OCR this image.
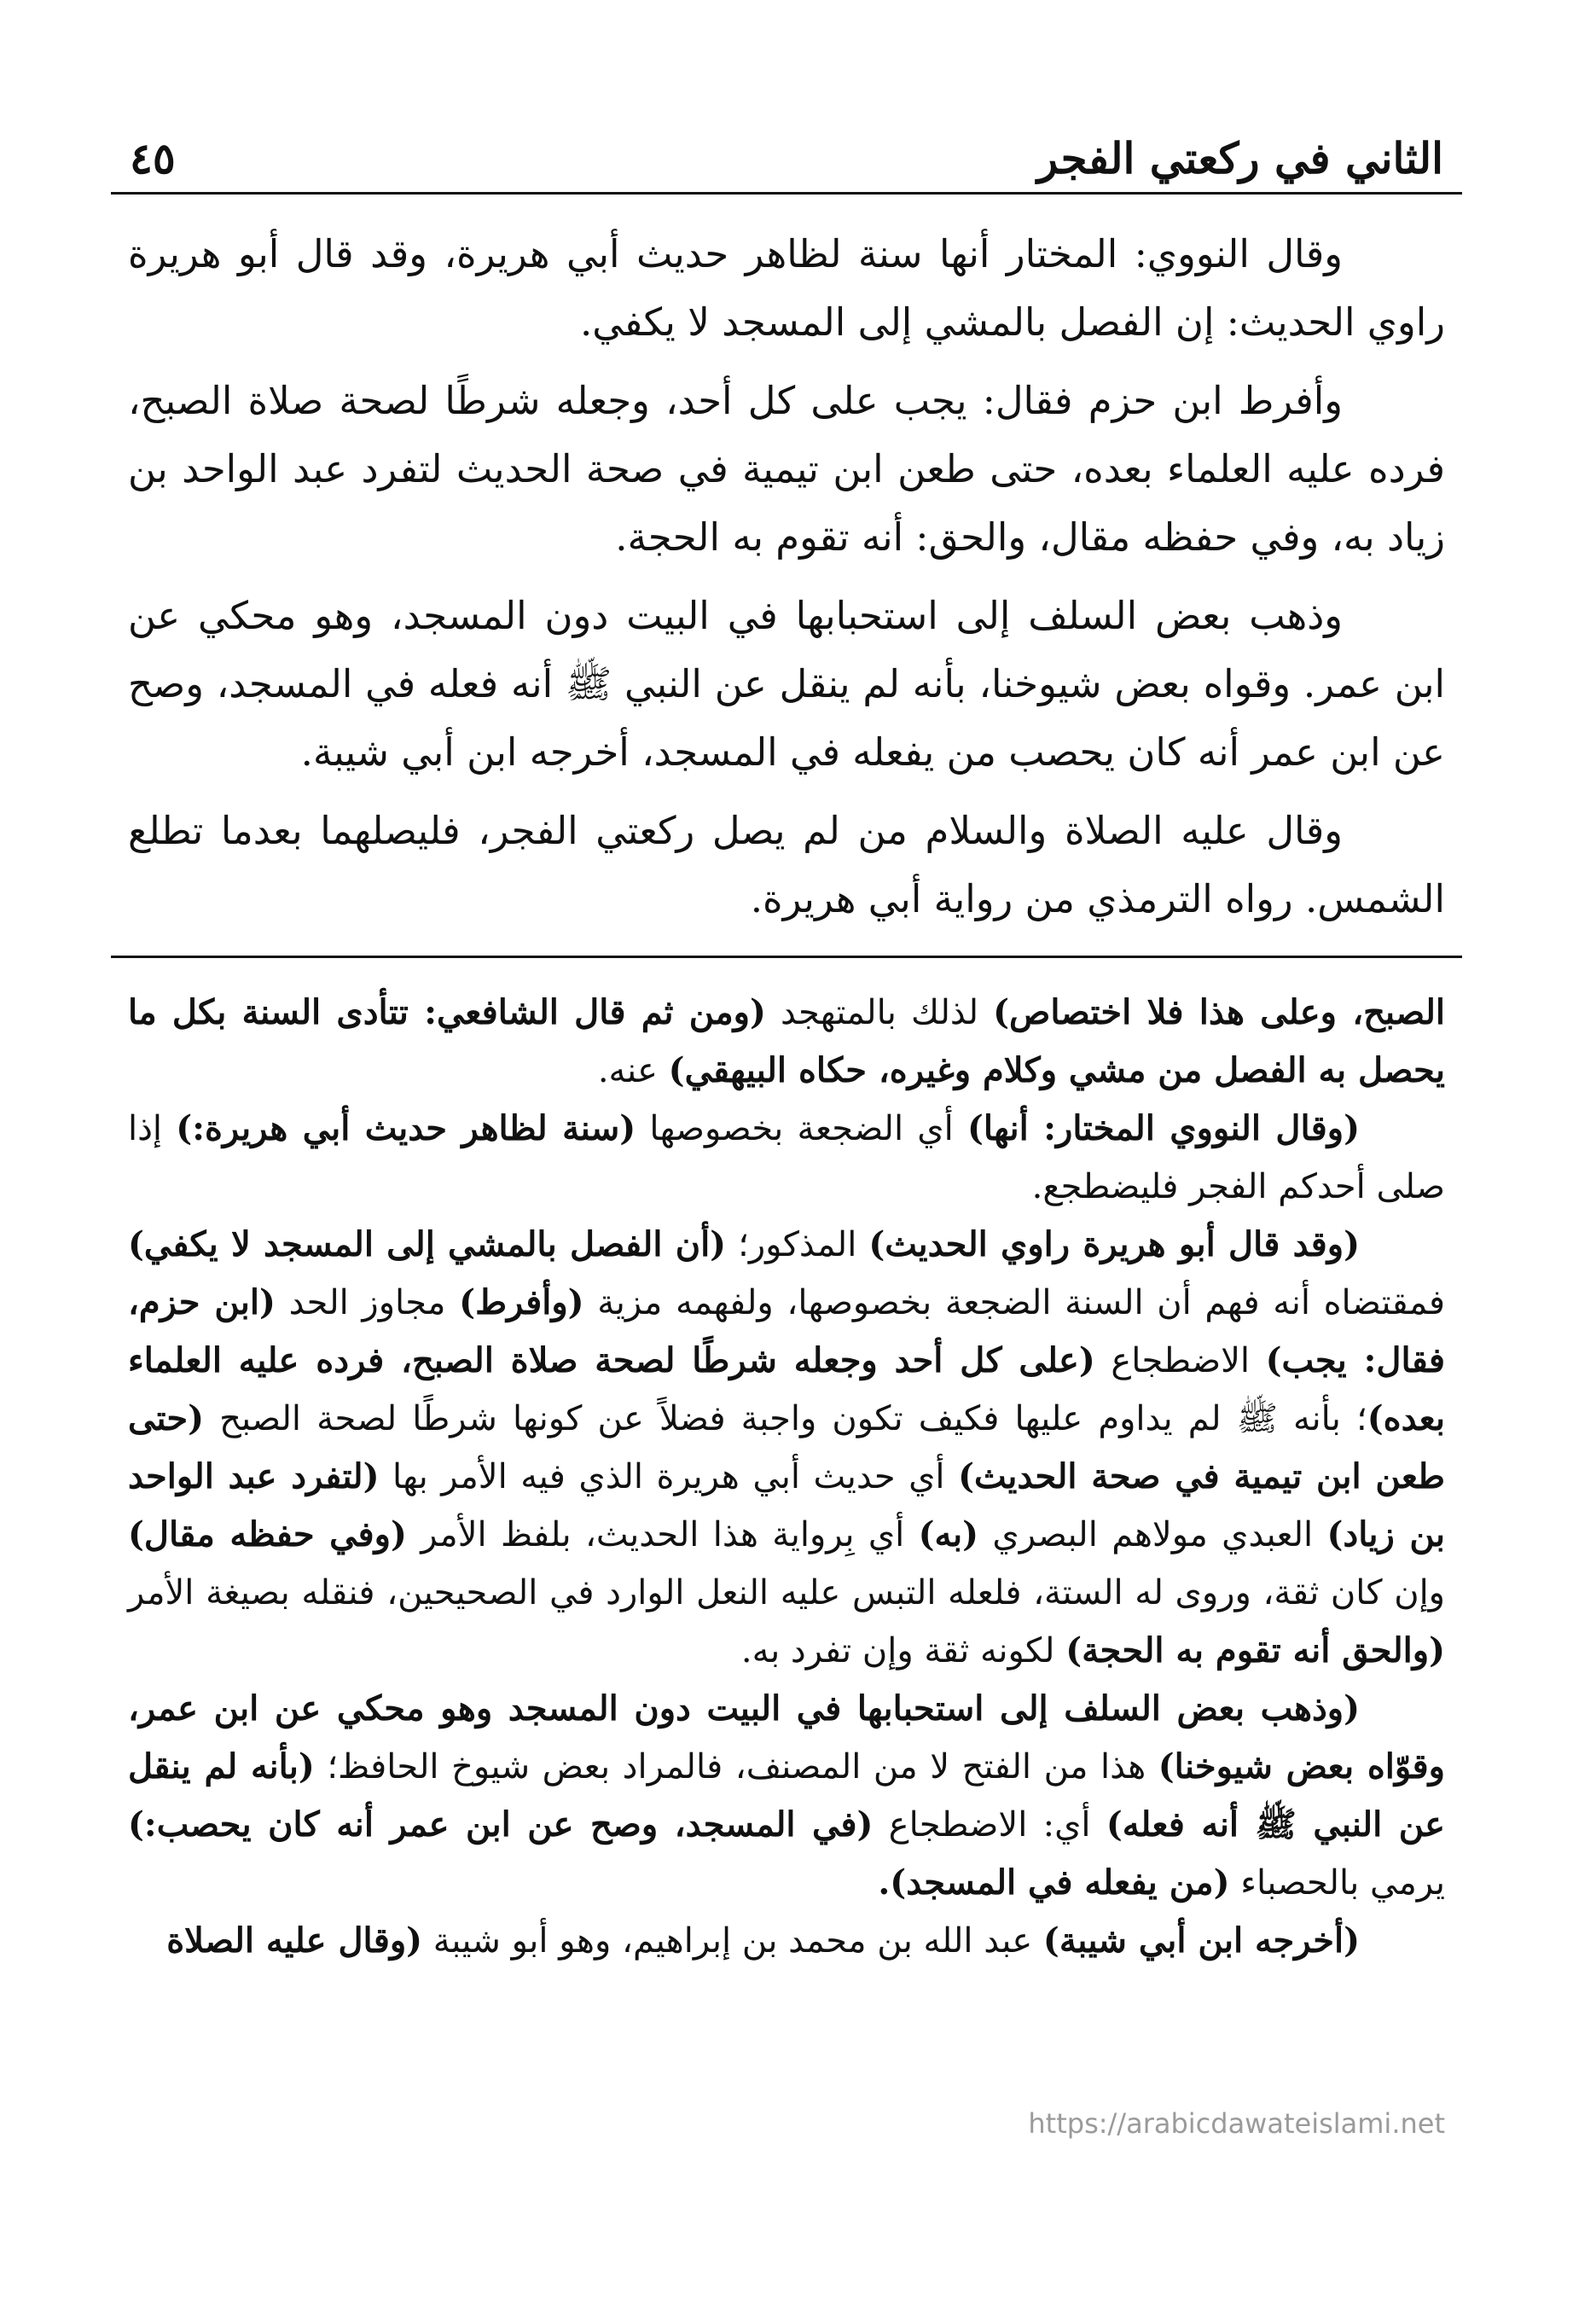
٤٥	الثاني في ركعتي الفجر

وقال النووي: المختار أنها سنة لظاهر حديث أبي هريرة، وقد قال أبو هريرة راوي الحديث: إن الفصل بالمشي إلى المسجد لا يكفي.

وأفرط ابن حزم فقال: يجب على كل أحد، وجعله شرطًا لصحة صلاة الصبح، فرده عليه العلماء بعده، حتى طعن ابن تيمية في صحة الحديث لتفرد عبد الواحد بن زياد به، وفي حفظه مقال، والحق: أنه تقوم به الحجة.

وذهب بعض السلف إلى استحبابها في البيت دون المسجد، وهو محكي عن ابن عمر. وقواه بعض شيوخنا، بأنه لم ينقل عن النبي ﷺ أنه فعله في المسجد، وصح عن ابن عمر أنه كان يحصب من يفعله في المسجد، أخرجه ابن أبي شيبة.

وقال عليه الصلاة والسلام من لم يصل ركعتي الفجر، فليصلهما بعدما تطلع الشمس. رواه الترمذي من رواية أبي هريرة.

الصبح، وعلى هذا فلا اختصاص) لذلك بالمتهجد (ومن ثم قال الشافعي: تتأدى السنة بكل ما يحصل به الفصل من مشي وكلام وغيره، حكاه البيهقي) عنه.

(وقال النووي المختار: أنها) أي الضجعة بخصوصها (سنة لظاهر حديث أبي هريرة:) إذا صلى أحدكم الفجر فليضطجع.

(وقد قال أبو هريرة راوي الحديث) المذكور؛ (أن الفصل بالمشي إلى المسجد لا يكفي) فمقتضاه أنه فهم أن السنة الضجعة بخصوصها، ولفهمه مزية (وأفرط) مجاوز الحد (ابن حزم، فقال: يجب) الاضطجاع (على كل أحد وجعله شرطًا لصحة صلاة الصبح، فرده عليه العلماء بعده)؛ بأنه ﷺ لم يداوم عليها فكيف تكون واجبة فضلاً عن كونها شرطًا لصحة الصبح (حتى طعن ابن تيمية في صحة الحديث) أي حديث أبي هريرة الذي فيه الأمر بها (لتفرد عبد الواحد بن زياد) العبدي مولاهم البصري (به) أي بِرواية هذا الحديث، بلفظ الأمر (وفي حفظه مقال) وإن كان ثقة، وروى له الستة، فلعله التبس عليه النعل الوارد في الصحيحين، فنقله بصيغة الأمر (والحق أنه تقوم به الحجة) لكونه ثقة وإن تفرد به.

(وذهب بعض السلف إلى استحبابها في البيت دون المسجد وهو محكي عن ابن عمر، وقوّاه بعض شيوخنا) هذا من الفتح لا من المصنف، فالمراد بعض شيوخ الحافظ؛ (بأنه لم ينقل عن النبي ﷺ أنه فعله) أي: الاضطجاع (في المسجد، وصح عن ابن عمر أنه كان يحصب:) يرمي بالحصباء (من يفعله في المسجد).

(أخرجه ابن أبي شيبة) عبد الله بن محمد بن إبراهيم، وهو أبو شيبة (وقال عليه الصلاة

https://arabicdawateislami.net
